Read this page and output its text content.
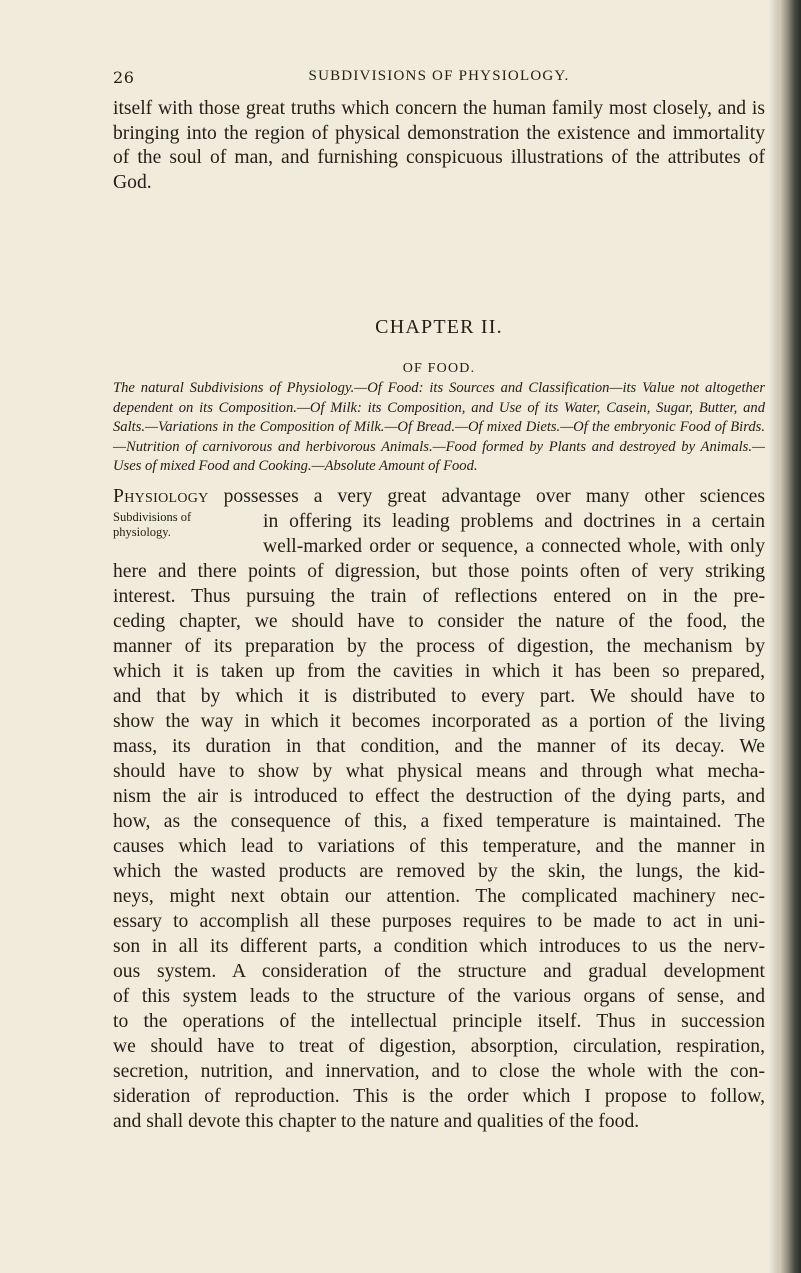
26	SUBDIVISIONS OF PHYSIOLOGY.

itself with those great truths which concern the human family most closely, and is bringing into the region of physical demonstration the existence and immortality of the soul of man, and furnishing conspicuous illustrations of the attributes of God.

CHAPTER II.
OF FOOD.

The natural Subdivisions of Physiology.—Of Food: its Sources and Classification—its Value not altogether dependent on its Composition.—Of Milk: its Composition, and Use of its Water, Casein, Sugar, Butter, and Salts.—Variations in the Composition of Milk.—Of Bread.—Of mixed Diets.—Of the embryonic Food of Birds.—Nutrition of carnivorous and herbivorous Animals.—Food formed by Plants and destroyed by Animals.—Uses of mixed Food and Cooking.—Absolute Amount of Food.

Subdivisions of
physiology.
Physiology possesses a very great advantage over many other sciences
in offering its leading problems and doctrines in a certain
well-marked order or sequence, a connected whole, with only
here and there points of digression, but those points often of very striking
interest. Thus pursuing the train of reflections entered on in the pre-
ceding chapter, we should have to consider the nature of the food, the
manner of its preparation by the process of digestion, the mechanism by
which it is taken up from the cavities in which it has been so prepared,
and that by which it is distributed to every part. We should have to
show the way in which it becomes incorporated as a portion of the living
mass, its duration in that condition, and the manner of its decay. We
should have to show by what physical means and through what mecha-
nism the air is introduced to effect the destruction of the dying parts, and
how, as the consequence of this, a fixed temperature is maintained. The
causes which lead to variations of this temperature, and the manner in
which the wasted products are removed by the skin, the lungs, the kid-
neys, might next obtain our attention. The complicated machinery nec-
essary to accomplish all these purposes requires to be made to act in uni-
son in all its different parts, a condition which introduces to us the nerv-
ous system. A consideration of the structure and gradual development
of this system leads to the structure of the various organs of sense, and
to the operations of the intellectual principle itself. Thus in succession
we should have to treat of digestion, absorption, circulation, respiration,
secretion, nutrition, and innervation, and to close the whole with the con-
sideration of reproduction. This is the order which I propose to follow,
and shall devote this chapter to the nature and qualities of the food.
